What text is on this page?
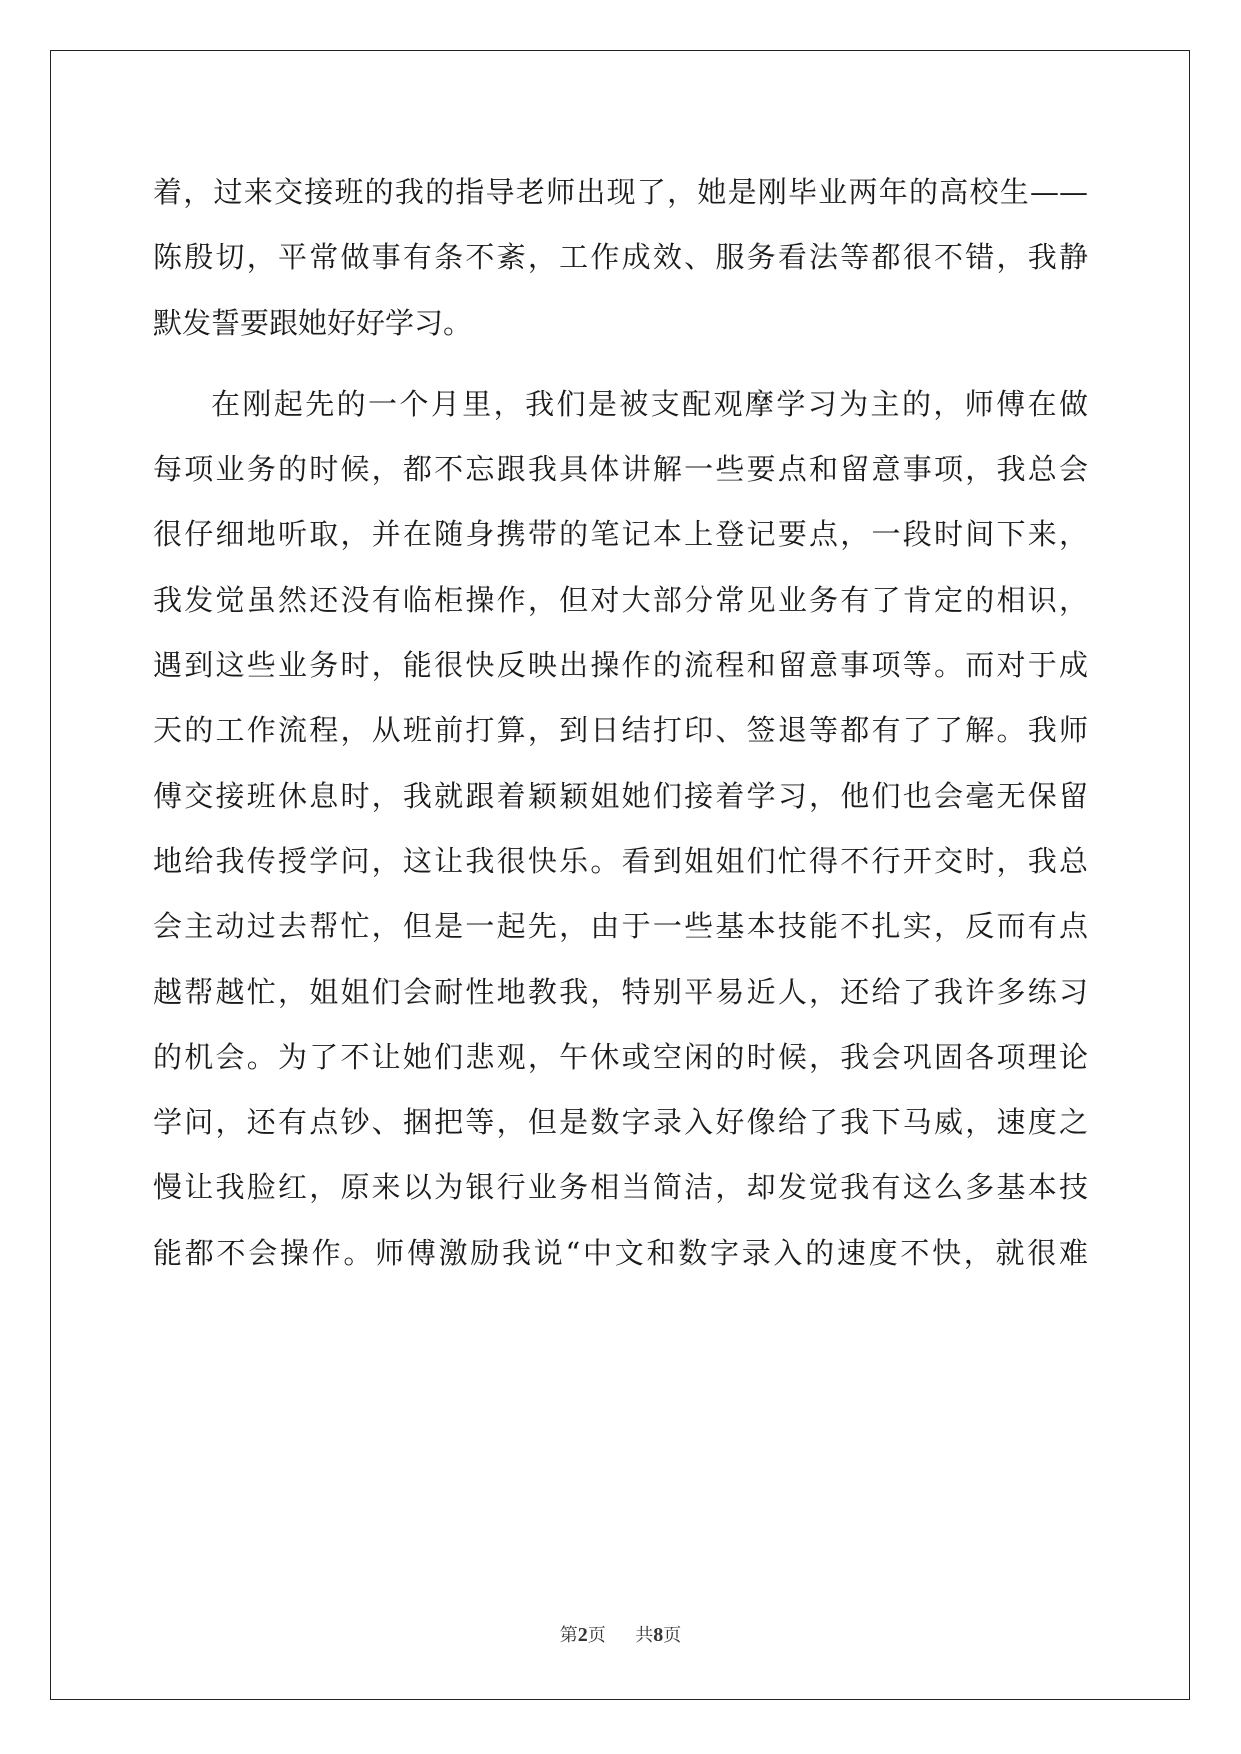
着，过来交接班的我的指导老师出现了，她是刚毕业两年的高校生——
陈殷切，平常做事有条不紊，工作成效、服务看法等都很不错，我静
默发誓要跟她好好学习。
在刚起先的一个月里，我们是被支配观摩学习为主的，师傅在做
每项业务的时候，都不忘跟我具体讲解一些要点和留意事项，我总会
很仔细地听取，并在随身携带的笔记本上登记要点，一段时间下来，
我发觉虽然还没有临柜操作，但对大部分常见业务有了肯定的相识，
遇到这些业务时，能很快反映出操作的流程和留意事项等。而对于成
天的工作流程，从班前打算，到日结打印、签退等都有了了解。我师
傅交接班休息时，我就跟着颖颖姐她们接着学习，他们也会毫无保留
地给我传授学问，这让我很快乐。看到姐姐们忙得不行开交时，我总
会主动过去帮忙，但是一起先，由于一些基本技能不扎实，反而有点
越帮越忙，姐姐们会耐性地教我，特别平易近人，还给了我许多练习
的机会。为了不让她们悲观，午休或空闲的时候，我会巩固各项理论
学问，还有点钞、捆把等，但是数字录入好像给了我下马威，速度之
慢让我脸红，原来以为银行业务相当简洁，却发觉我有这么多基本技
能都不会操作。师傅激励我说“中文和数字录入的速度不快，就很难
第2页 共8页
